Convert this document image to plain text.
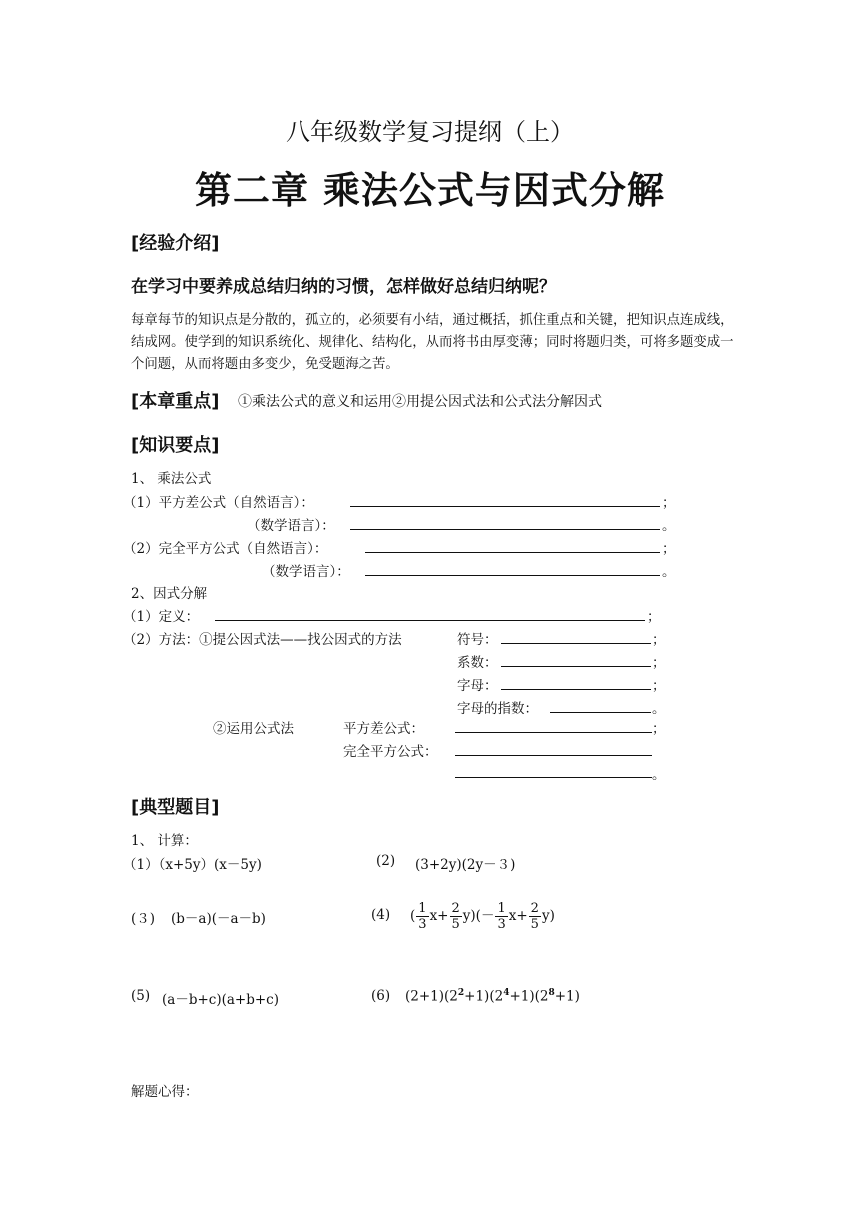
八年级数学复习提纲（上）
第二章 乘法公式与因式分解
[经验介绍]
在学习中要养成总结归纳的习惯，怎样做好总结归纳呢？
每章每节的知识点是分散的，孤立的，必须要有小结，通过概括，抓住重点和关键，把知识点连成线，结成网。使学到的知识系统化、规律化、结构化，从而将书由厚变薄；同时将题归类，可将多题变成一个问题，从而将题由多变少，免受题海之苦。
[本章重点] ①乘法公式的意义和运用②用提公因式法和公式法分解因式
[知识要点]
1、 乘法公式
（1）平方差公式（自然语言）：	；
（数学语言）：	。
（2）完全平方公式（自然语言）：	；
（数学语言）：	。
2、因式分解
（1）定义：	；
（2）方法：①提公因式法——找公因式的方法	符号：	；
系数：	；
字母：	；
字母的指数：	。
②运用公式法	平方差公式：	；
完全平方公式：
。
[典型题目]
1、 计算：
（1）（x+5y）(x－5y)	(2) (3+2y)(2y－３)
(３) (b－a)(－a－b)	(4) ( $\frac{1}{3} x+ \frac{2}{5} y)(- \frac{1}{3} x+ \frac{2}{5} y)$
(5) (a－b+c)(a+b+c)	(6) $(2+1)(2^2+1)(2^4+1)(2^8+1)$
解题心得：
